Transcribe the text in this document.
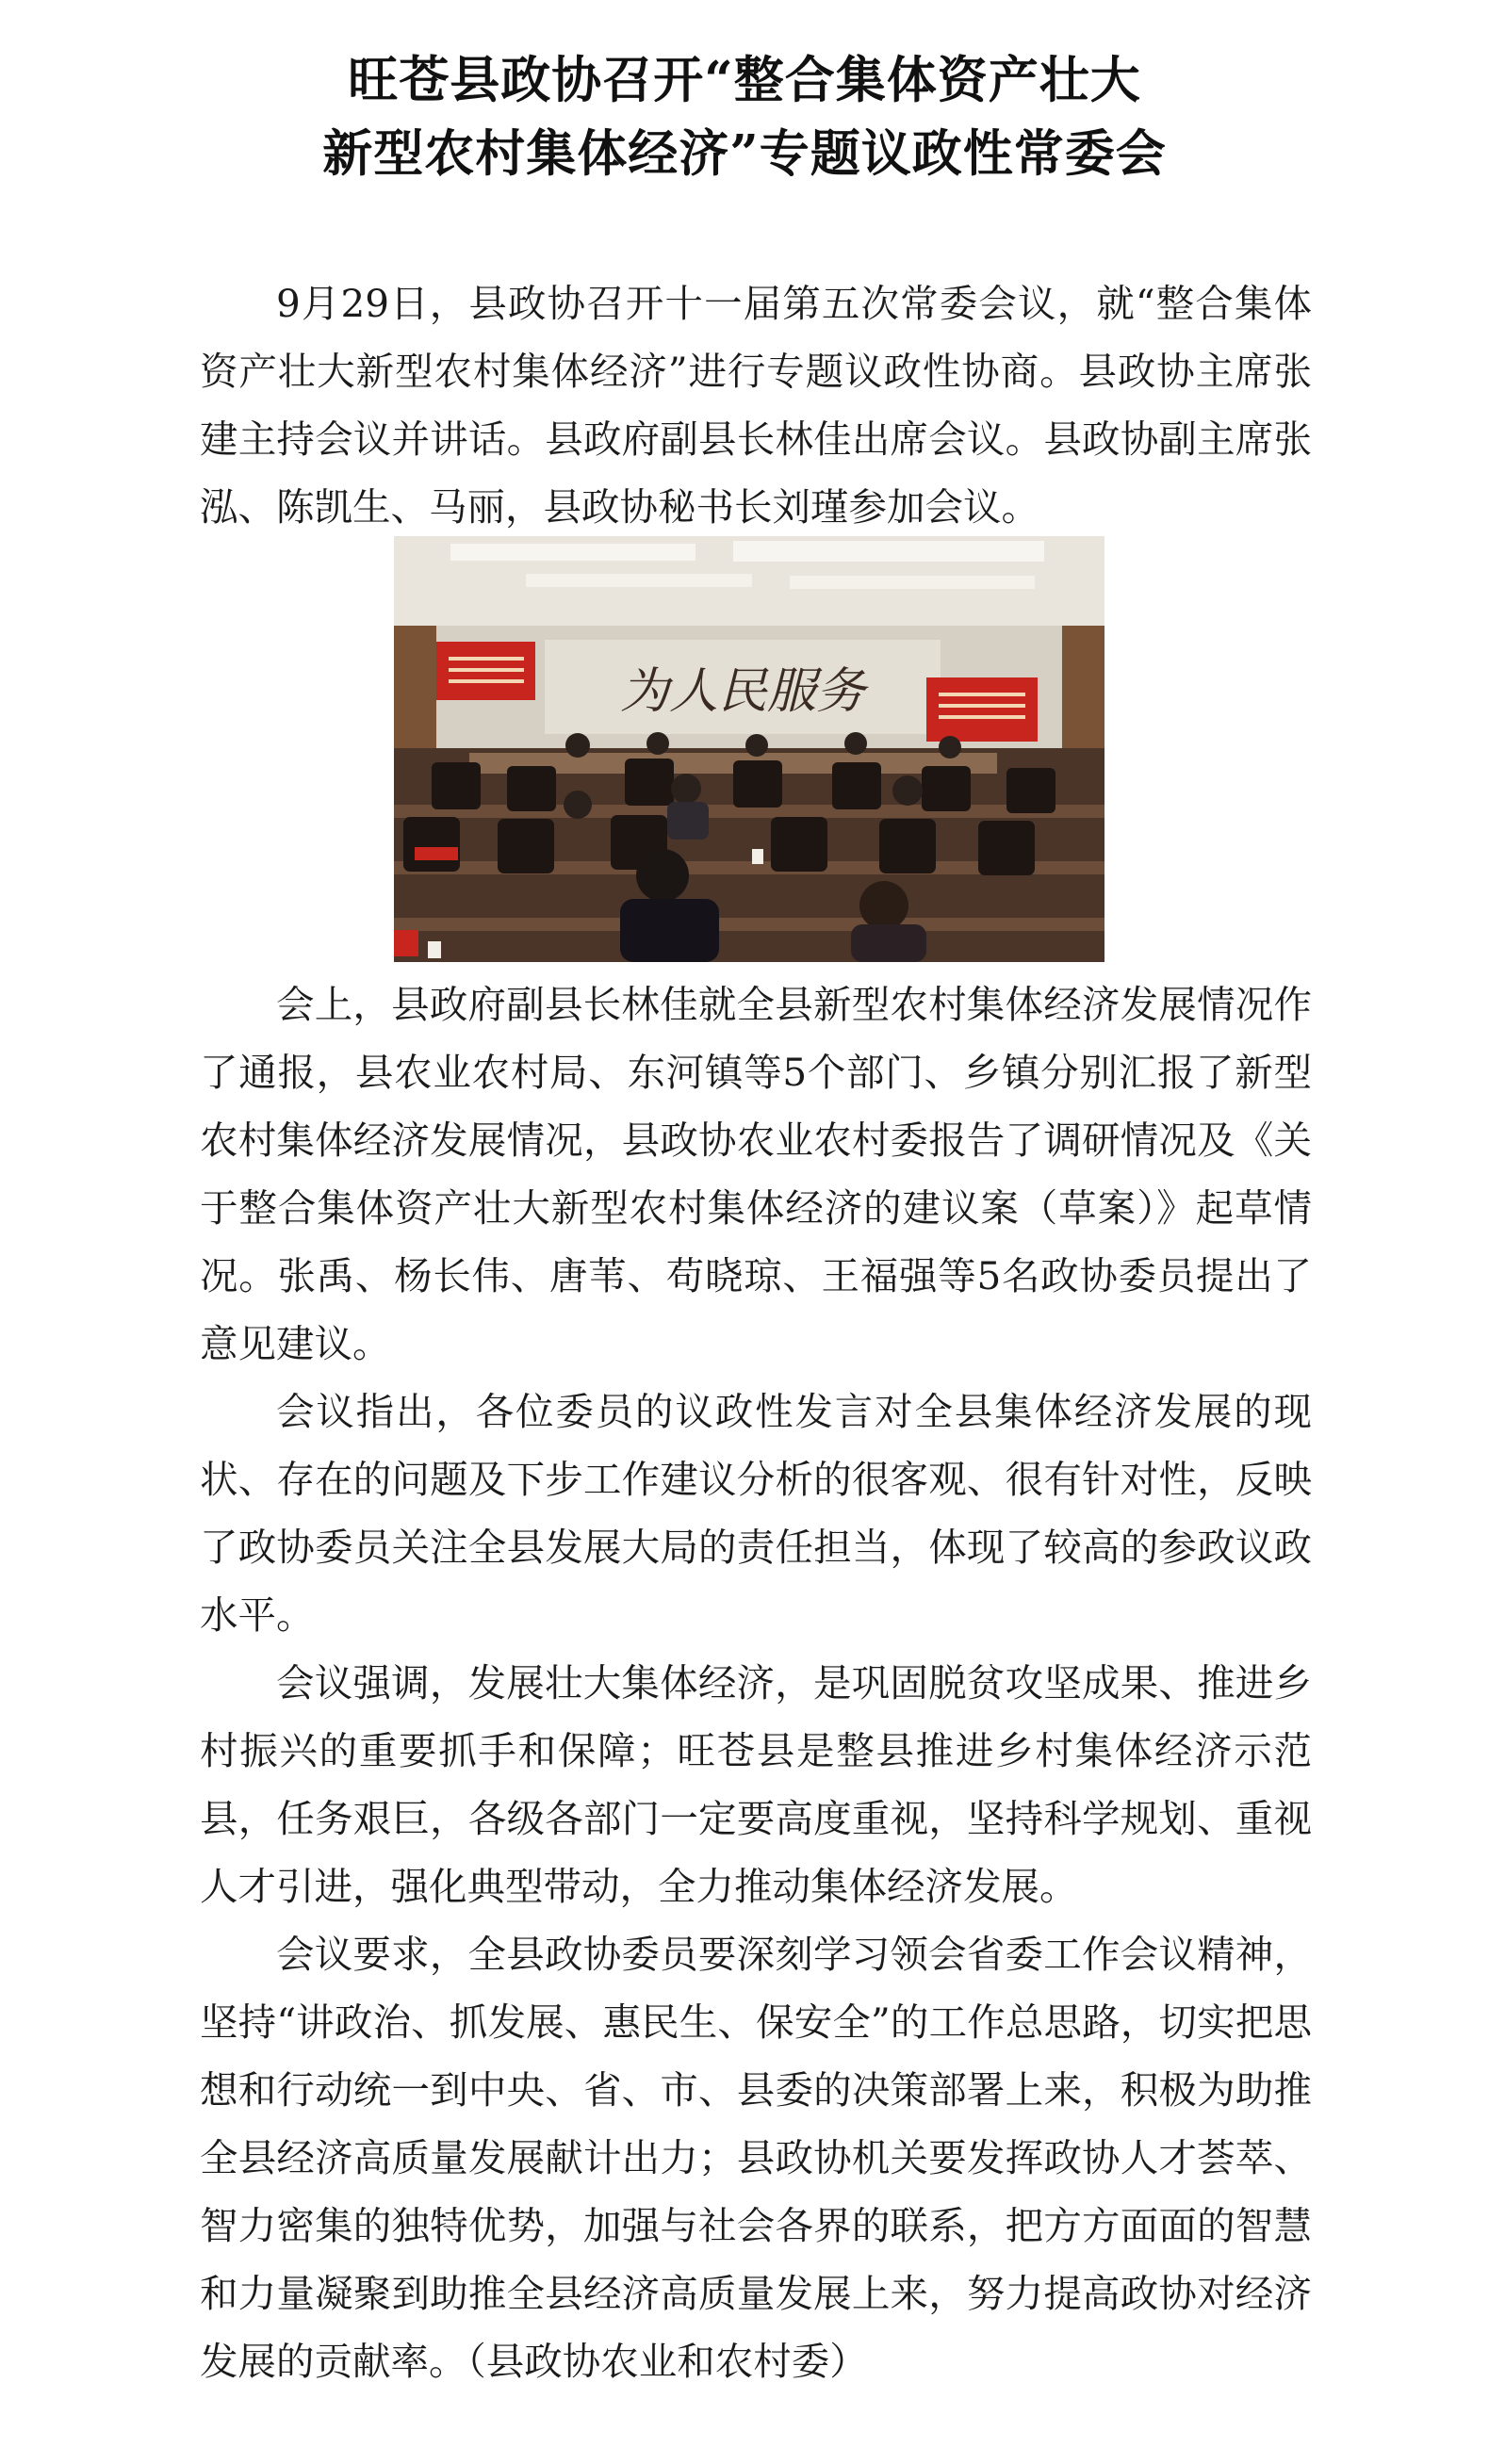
旺苍县政协召开“整合集体资产壮大
新型农村集体经济”专题议政性常委会

9月29日，县政协召开十一届第五次常委会议，就“整合集体资产壮大新型农村集体经济”进行专题议政性协商。县政协主席张建主持会议并讲话。县政府副县长林佳出席会议。县政协副主席张泓、陈凯生、马丽，县政协秘书长刘瑾参加会议。

为人民服务

会上，县政府副县长林佳就全县新型农村集体经济发展情况作了通报，县农业农村局、东河镇等5个部门、乡镇分别汇报了新型农村集体经济发展情况，县政协农业农村委报告了调研情况及《关于整合集体资产壮大新型农村集体经济的建议案（草案）》起草情况。张禹、杨长伟、唐苇、苟晓琼、王福强等5名政协委员提出了意见建议。

会议指出，各位委员的议政性发言对全县集体经济发展的现状、存在的问题及下步工作建议分析的很客观、很有针对性，反映了政协委员关注全县发展大局的责任担当，体现了较高的参政议政水平。

会议强调，发展壮大集体经济，是巩固脱贫攻坚成果、推进乡村振兴的重要抓手和保障；旺苍县是整县推进乡村集体经济示范县，任务艰巨，各级各部门一定要高度重视，坚持科学规划、重视人才引进，强化典型带动，全力推动集体经济发展。

会议要求，全县政协委员要深刻学习领会省委工作会议精神，坚持“讲政治、抓发展、惠民生、保安全”的工作总思路，切实把思想和行动统一到中央、省、市、县委的决策部署上来，积极为助推全县经济高质量发展献计出力；县政协机关要发挥政协人才荟萃、智力密集的独特优势，加强与社会各界的联系，把方方面面的智慧和力量凝聚到助推全县经济高质量发展上来，努力提高政协对经济发展的贡献率。（县政协农业和农村委）
